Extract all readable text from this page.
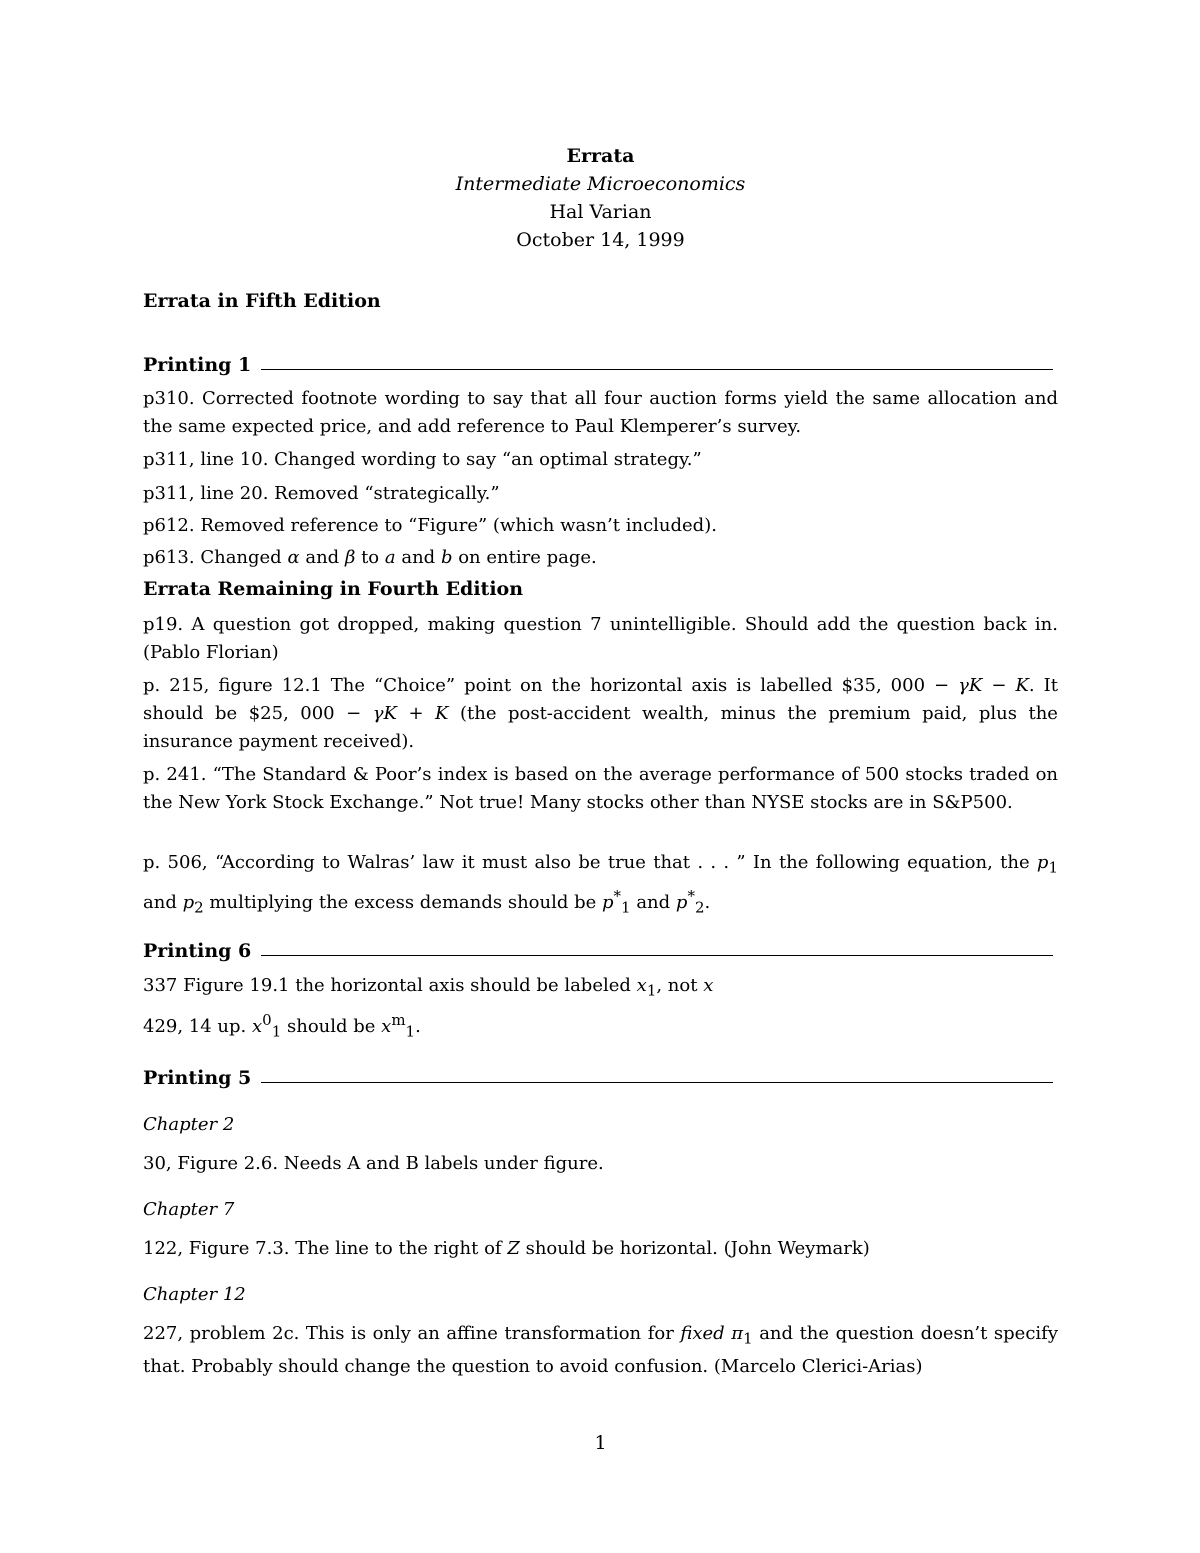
Errata
Intermediate Microeconomics
Hal Varian
October 14, 1999
Errata in Fifth Edition
Printing 1
p310. Corrected footnote wording to say that all four auction forms yield the same allocation and the same expected price, and add reference to Paul Klemperer’s survey.
p311, line 10. Changed wording to say “an optimal strategy.”
p311, line 20. Removed “strategically.”
p612. Removed reference to “Figure” (which wasn’t included).
p613. Changed α and β to a and b on entire page.
Errata Remaining in Fourth Edition
p19. A question got dropped, making question 7 unintelligible. Should add the question back in. (Pablo Florian)
p. 215, figure 12.1 The “Choice” point on the horizontal axis is labelled $35, 000 − γK − K. It should be $25, 000 − γK + K (the post-accident wealth, minus the premium paid, plus the insurance payment received).
p. 241. “The Standard & Poor’s index is based on the average performance of 500 stocks traded on the New York Stock Exchange.” Not true! Many stocks other than NYSE stocks are in S&P500.
p. 506, “According to Walras’ law it must also be true that . . . ” In the following equation, the $p_1$ and $p_2$ multiplying the excess demands should be $p^*_1$ and $p^*_2$.
Printing 6
337 Figure 19.1 the horizontal axis should be labeled $x_1$, not x
429, 14 up. $x^0_1$ should be $x^m_1$.
Printing 5
Chapter 2
30, Figure 2.6. Needs A and B labels under figure.
Chapter 7
122, Figure 7.3. The line to the right of Z should be horizontal. (John Weymark)
Chapter 12
227, problem 2c. This is only an affine transformation for fixed $\pi_1$ and the question doesn’t specify that. Probably should change the question to avoid confusion. (Marcelo Clerici-Arias)
1
